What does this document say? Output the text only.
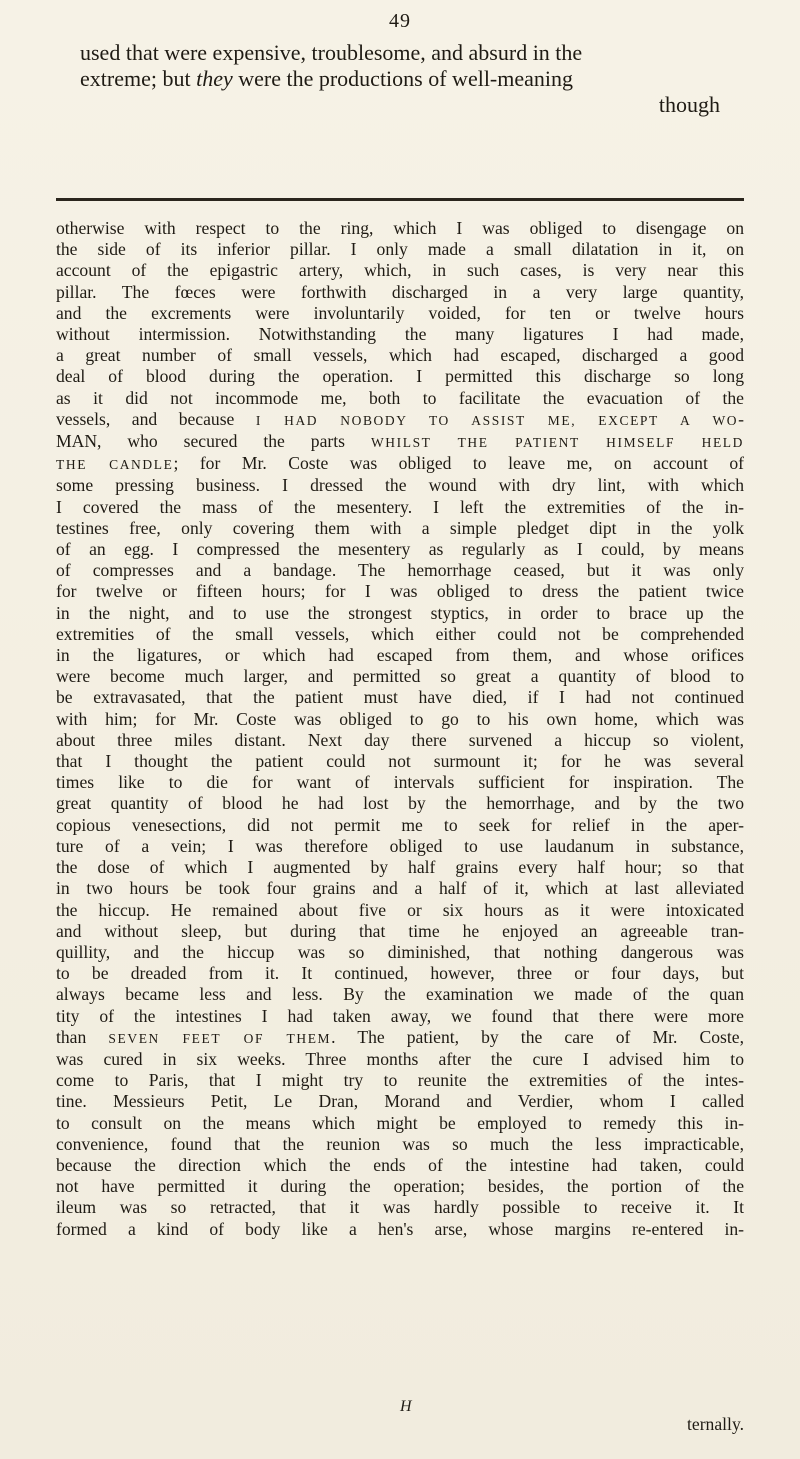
49
used that were expensive, troublesome, and absurd in the
extreme; but they were the productions of well-meaning
though
otherwise with respect to the ring, which I was obliged to disengage on
the side of its inferior pillar. I only made a small dilatation in it, on
account of the epigastric artery, which, in such cases, is very near this
pillar. The fœces were forthwith discharged in a very large quantity,
and the excrements were involuntarily voided, for ten or twelve hours
without intermission. Notwithstanding the many ligatures I had made,
a great number of small vessels, which had escaped, discharged a good
deal of blood during the operation. I permitted this discharge so long
as it did not incommode me, both to facilitate the evacuation of the
vessels, and because I HAD NOBODY TO ASSIST ME, EXCEPT A WO-
MAN, who secured the parts WHILST THE PATIENT HIMSELF HELD
THE CANDLE; for Mr. Coste was obliged to leave me, on account of
some pressing business. I dressed the wound with dry lint, with which
I covered the mass of the mesentery. I left the extremities of the in-
testines free, only covering them with a simple pledget dipt in the yolk
of an egg. I compressed the mesentery as regularly as I could, by means
of compresses and a bandage. The hemorrhage ceased, but it was only
for twelve or fifteen hours; for I was obliged to dress the patient twice
in the night, and to use the strongest styptics, in order to brace up the
extremities of the small vessels, which either could not be comprehended
in the ligatures, or which had escaped from them, and whose orifices
were become much larger, and permitted so great a quantity of blood to
be extravasated, that the patient must have died, if I had not continued
with him; for Mr. Coste was obliged to go to his own home, which was
about three miles distant. Next day there survened a hiccup so violent,
that I thought the patient could not surmount it; for he was several
times like to die for want of intervals sufficient for inspiration. The
great quantity of blood he had lost by the hemorrhage, and by the two
copious venesections, did not permit me to seek for relief in the aper-
ture of a vein; I was therefore obliged to use laudanum in substance,
the dose of which I augmented by half grains every half hour; so that
in two hours be took four grains and a half of it, which at last alleviated
the hiccup. He remained about five or six hours as it were intoxicated
and without sleep, but during that time he enjoyed an agreeable tran-
quillity, and the hiccup was so diminished, that nothing dangerous was
to be dreaded from it. It continued, however, three or four days, but
always became less and less. By the examination we made of the quan
tity of the intestines I had taken away, we found that there were more
than SEVEN FEET OF THEM. The patient, by the care of Mr. Coste,
was cured in six weeks. Three months after the cure I advised him to
come to Paris, that I might try to reunite the extremities of the intes-
tine. Messieurs Petit, Le Dran, Morand and Verdier, whom I called
to consult on the means which might be employed to remedy this in-
convenience, found that the reunion was so much the less impracticable,
because the direction which the ends of the intestine had taken, could
not have permitted it during the operation; besides, the portion of the
ileum was so retracted, that it was hardly possible to receive it. It
formed a kind of body like a hen's arse, whose margins re-entered in-
H
ternally.
